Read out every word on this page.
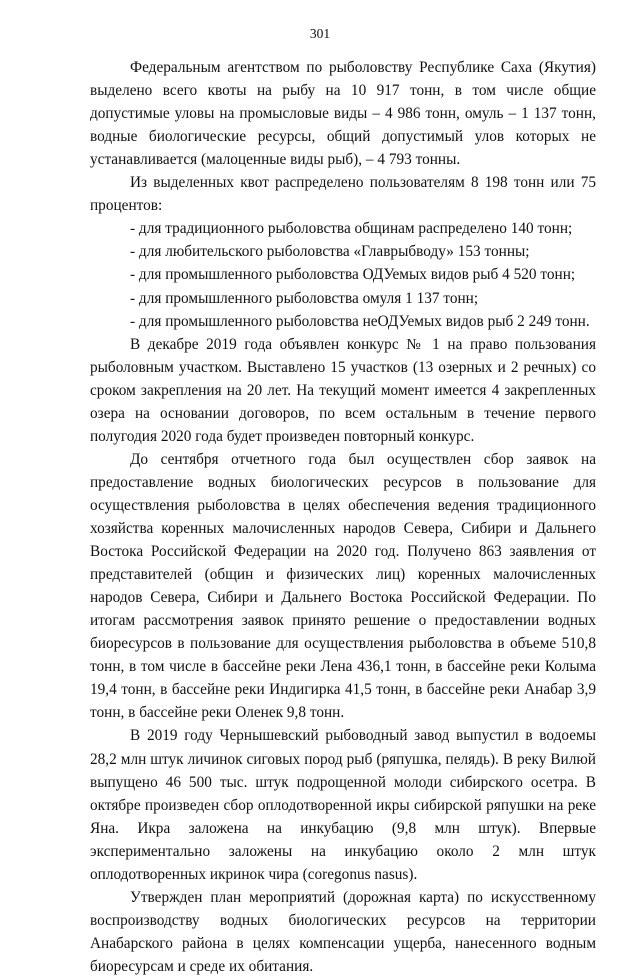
301
Федеральным агентством по рыболовству Республике Саха (Якутия)
выделено всего квоты на рыбу на 10 917 тонн, в том числе общие
допустимые уловы на промысловые виды – 4 986 тонн, омуль – 1 137 тонн,
водные биологические ресурсы, общий допустимый улов которых не
устанавливается (малоценные виды рыб), – 4 793 тонны.
Из выделенных квот распределено пользователям 8 198 тонн или 75
процентов:
- для традиционного рыболовства общинам распределено 140 тонн;
- для любительского рыболовства «Главрыбводу» 153 тонны;
- для промышленного рыболовства ОДУемых видов рыб 4 520 тонн;
- для промышленного рыболовства омуля 1 137 тонн;
- для промышленного рыболовства неОДУемых видов рыб 2 249 тонн.
В декабре 2019 года объявлен конкурс № 1 на право пользования
рыболовным участком. Выставлено 15 участков (13 озерных и 2 речных) со
сроком закрепления на 20 лет. На текущий момент имеется 4 закрепленных
озера на основании договоров, по всем остальным в течение первого
полугодия 2020 года будет произведен повторный конкурс.
До сентября отчетного года был осуществлен сбор заявок на
предоставление водных биологических ресурсов в пользование для
осуществления рыболовства в целях обеспечения ведения традиционного
хозяйства коренных малочисленных народов Севера, Сибири и Дальнего
Востока Российской Федерации на 2020 год. Получено 863 заявления от
представителей (общин и физических лиц) коренных малочисленных
народов Севера, Сибири и Дальнего Востока Российской Федерации. По
итогам рассмотрения заявок принято решение о предоставлении водных
биоресурсов в пользование для осуществления рыболовства в объеме 510,8
тонн, в том числе в бассейне реки Лена 436,1 тонн, в бассейне реки Колыма
19,4 тонн, в бассейне реки Индигирка 41,5 тонн, в бассейне реки Анабар 3,9
тонн, в бассейне реки Оленек 9,8 тонн.
В 2019 году Чернышевский рыбоводный завод выпустил в водоемы
28,2 млн штук личинок сиговых пород рыб (ряпушка, пелядь). В реку Вилюй
выпущено 46 500 тыс. штук подрощенной молоди сибирского осетра. В
октябре произведен сбор оплодотворенной икры сибирской ряпушки на реке
Яна. Икра заложена на инкубацию (9,8 млн штук). Впервые
экспериментально заложены на инкубацию около 2 млн штук
оплодотворенных икринок чира (coregonus nasus).
Утвержден план мероприятий (дорожная карта) по искусственному
воспроизводству водных биологических ресурсов на территории
Анабарского района в целях компенсации ущерба, нанесенного водным
биоресурсам и среде их обитания.
